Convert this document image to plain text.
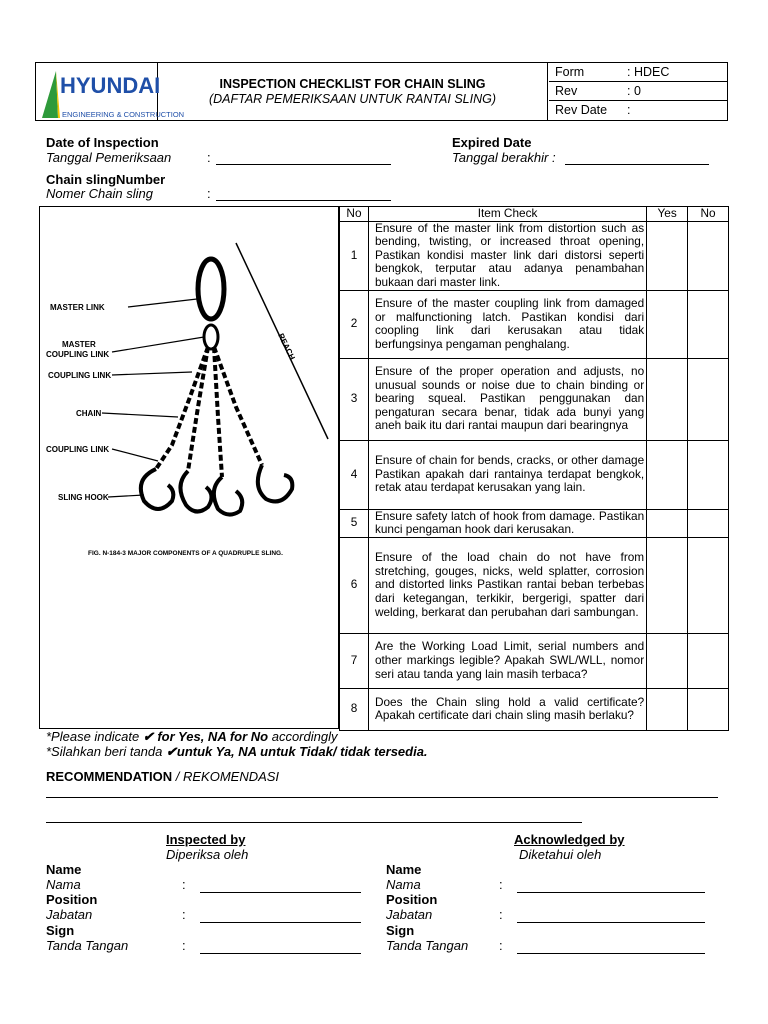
HYUNDAI
ENGINEERING & CONSTRUCTION
INSPECTION CHECKLIST FOR CHAIN SLING
(DAFTAR PEMERIKSAAN UNTUK RANTAI SLING)
Form	: HDEC
Rev	: 0
Rev Date	:
Date of Inspection
Tanggal Pemeriksaan	:
Expired Date
Tanggal berakhir :
Chain slingNumber
Nomer Chain sling	:
MASTER LINK
MASTER
COUPLING LINK
COUPLING LINK
CHAIN
COUPLING LINK
SLING HOOK
REACH
FIG. N-184-3 MAJOR COMPONENTS OF A QUADRUPLE SLING.
No	Item Check	Yes	No
1	Ensure of the master link from distortion such as bending, twisting, or increased throat opening, Pastikan kondisi master link dari distorsi seperti bengkok, terputar atau adanya penambahan bukaan dari master link.		
2	Ensure of the master coupling link from damaged or malfunctioning latch. Pastikan kondisi dari coopling link dari kerusakan atau tidak berfungsinya pengaman penghalang.		
3	Ensure of the proper operation and adjusts, no unusual sounds or noise due to chain binding or bearing squeal. Pastikan penggunakan dan pengaturan secara benar, tidak ada bunyi yang aneh baik itu dari rantai maupun dari bearingnya		
4	Ensure of chain for bends, cracks, or other damage Pastikan apakah dari rantainya terdapat bengkok, retak atau terdapat kerusakan yang lain.		
5	Ensure safety latch of hook from damage. Pastikan kunci pengaman hook dari kerusakan.		
6	Ensure of the load chain do not have from stretching, gouges, nicks, weld splatter, corrosion and distorted links Pastikan rantai beban terbebas dari ketegangan, terkikir, bergerigi, spatter dari welding, berkarat dan perubahan dari sambungan.		
7	Are the Working Load Limit, serial numbers and other markings legible? Apakah SWL/WLL, nomor seri atau tanda yang lain masih terbaca?		
8	Does the Chain sling hold a valid certificate? Apakah certificate dari chain sling masih berlaku?		
*Please indicate ✔ for Yes, NA for No accordingly
*Silahkan beri tanda ✔untuk Ya, NA untuk Tidak/ tidak tersedia.
RECOMMENDATION / REKOMENDASI
Inspected by
Diperiksa oleh
Acknowledged by
Diketahui oleh
Name
Nama	:
Position
Jabatan	:
Sign
Tanda Tangan	:
Name
Nama	:
Position
Jabatan	:
Sign
Tanda Tangan :
